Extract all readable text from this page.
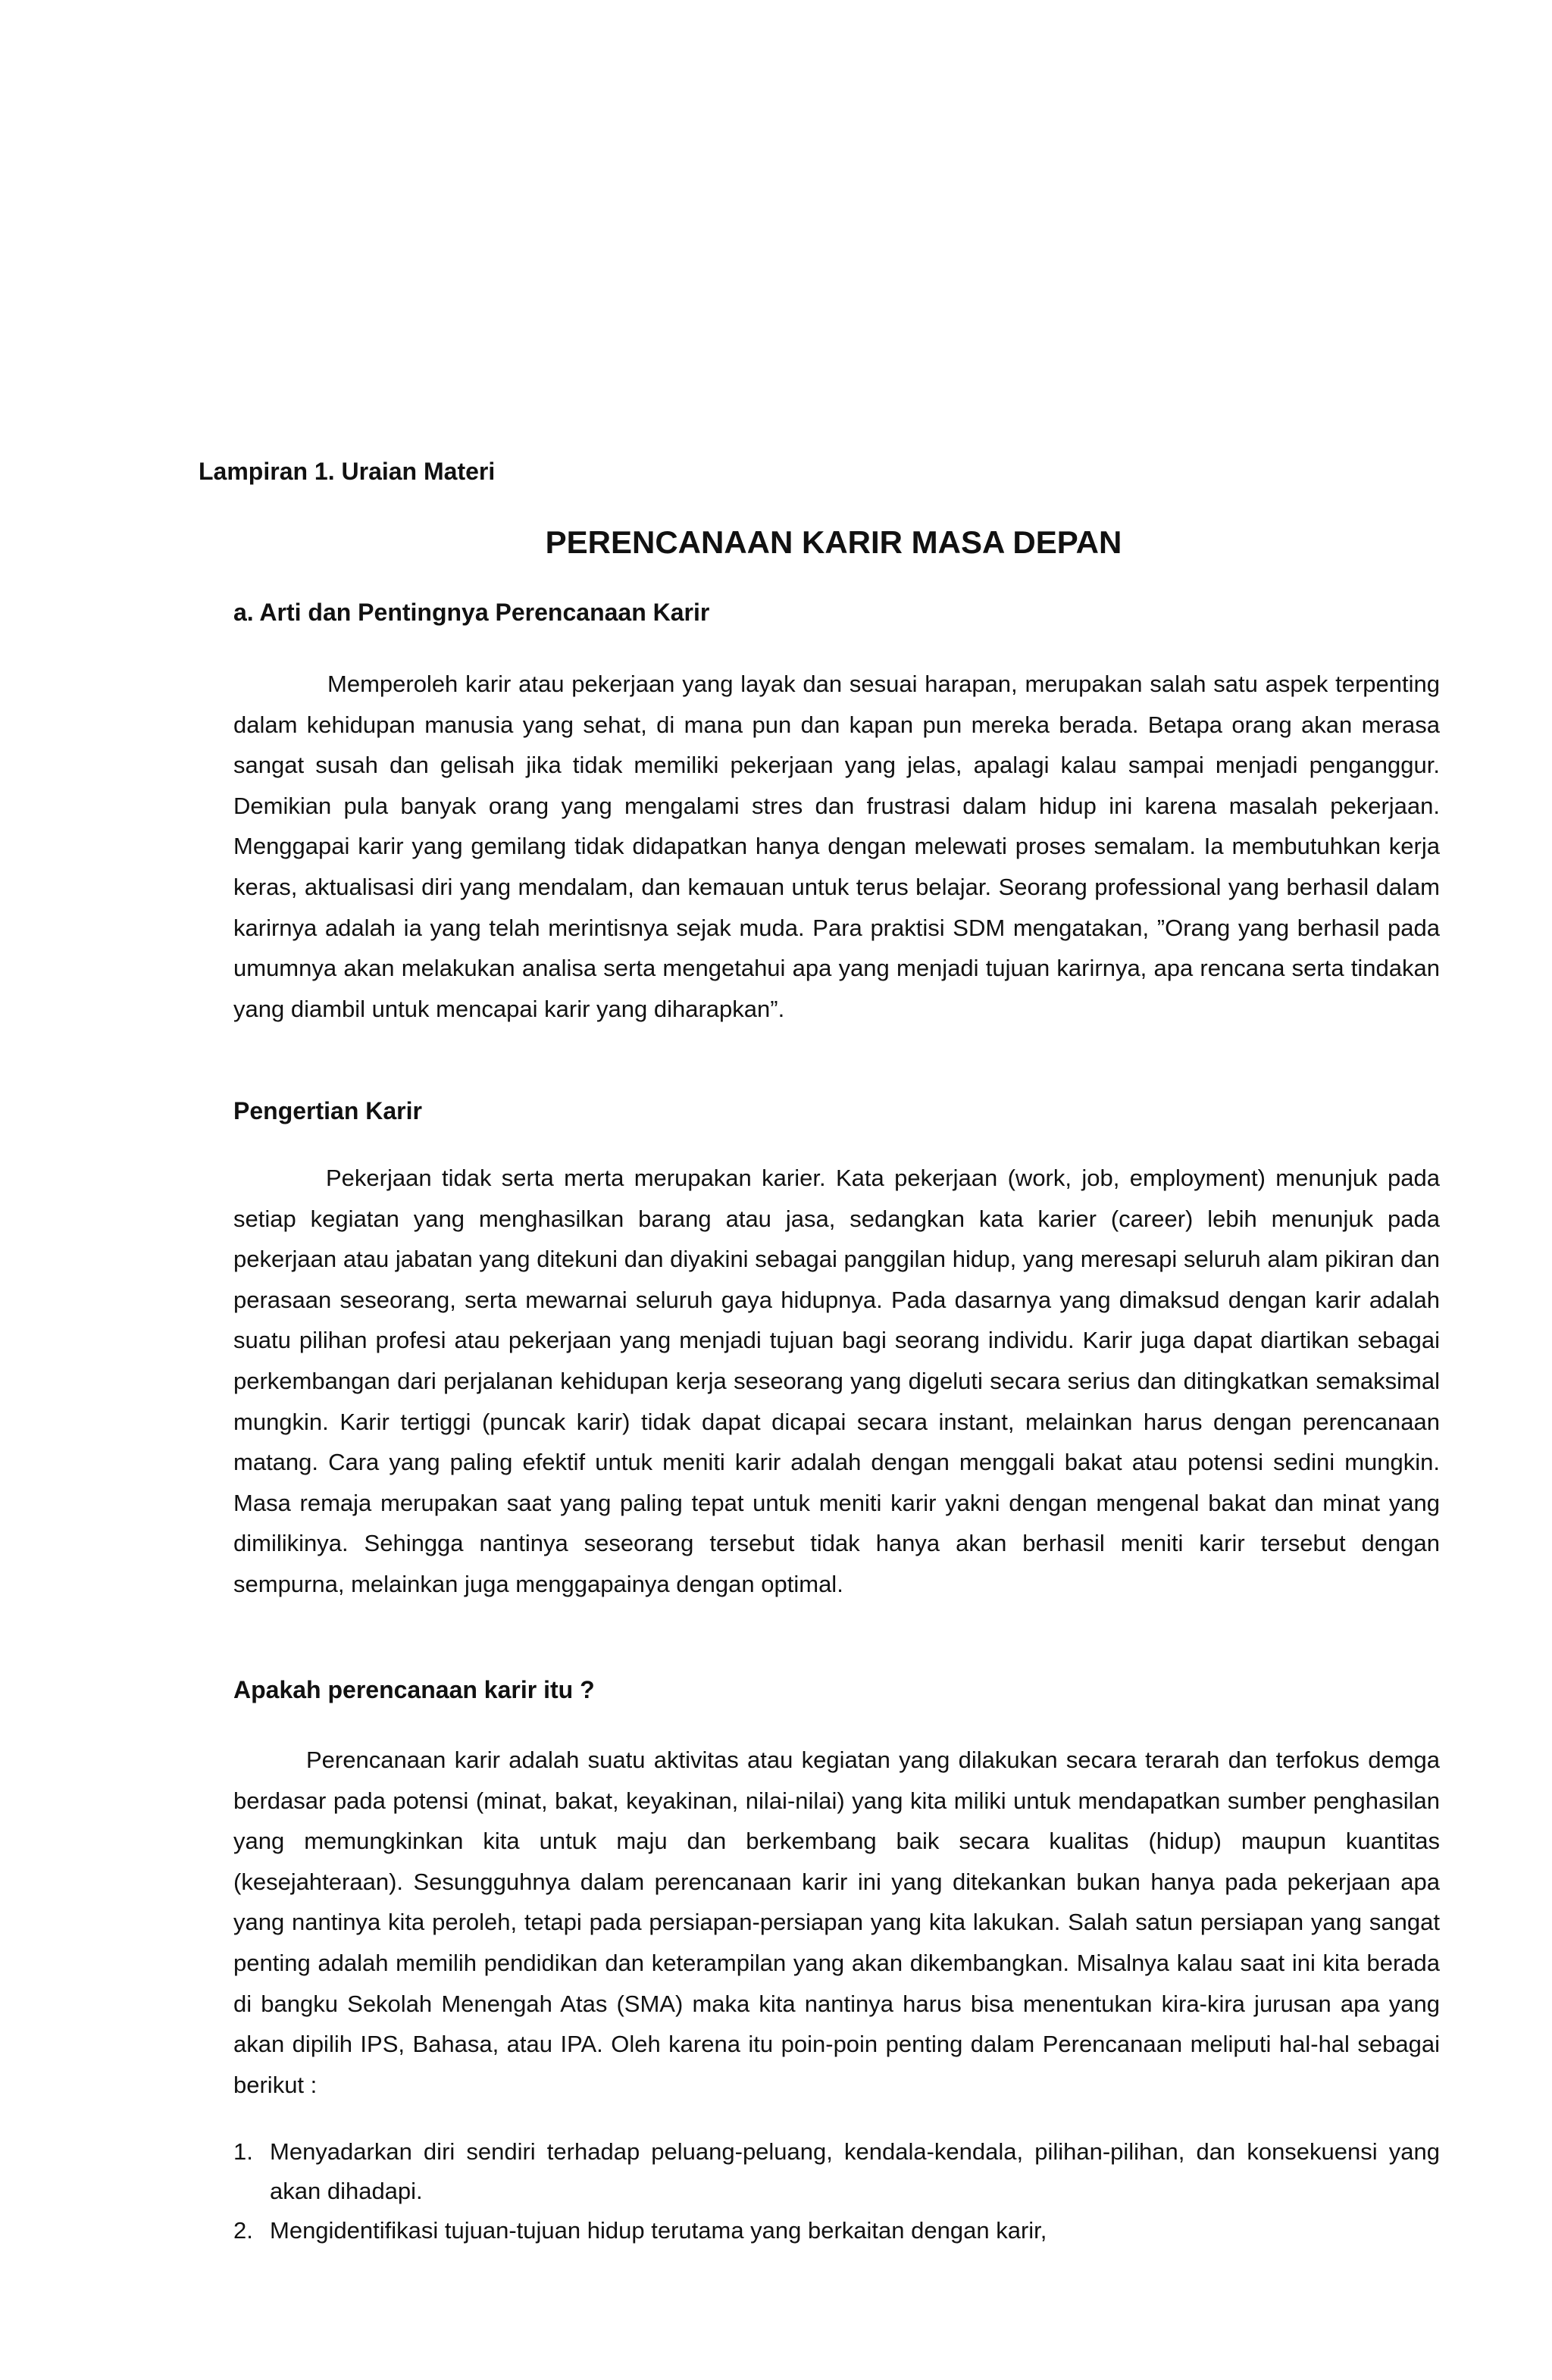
Lampiran 1. Uraian Materi

PERENCANAAN KARIR MASA DEPAN

a. Arti dan Pentingnya Perencanaan Karir

Memperoleh karir atau pekerjaan yang layak dan sesuai harapan, merupakan salah satu aspek terpenting dalam kehidupan manusia yang sehat, di mana pun dan kapan pun mereka berada. Betapa orang akan merasa sangat susah dan gelisah jika tidak memiliki pekerjaan yang jelas, apalagi kalau sampai menjadi penganggur. Demikian pula banyak orang yang mengalami stres dan frustrasi dalam hidup ini karena masalah pekerjaan. Menggapai karir yang gemilang tidak didapatkan hanya dengan melewati proses semalam. Ia membutuhkan kerja keras, aktualisasi diri yang mendalam, dan kemauan untuk terus belajar. Seorang professional yang berhasil dalam karirnya adalah ia yang telah merintisnya sejak muda. Para praktisi SDM mengatakan, ”Orang yang berhasil pada umumnya akan melakukan analisa serta mengetahui apa yang menjadi tujuan karirnya, apa rencana serta tindakan yang diambil untuk mencapai karir yang diharapkan”.

Pengertian Karir

Pekerjaan tidak serta merta merupakan karier. Kata pekerjaan (work, job, employment) menunjuk pada setiap kegiatan yang menghasilkan barang atau jasa, sedangkan kata karier (career) lebih menunjuk pada pekerjaan atau jabatan yang ditekuni dan diyakini sebagai panggilan hidup, yang meresapi seluruh alam pikiran dan perasaan seseorang, serta mewarnai seluruh gaya hidupnya. Pada dasarnya yang dimaksud dengan karir adalah suatu pilihan profesi atau pekerjaan yang menjadi tujuan bagi seorang individu. Karir juga dapat diartikan sebagai perkembangan dari perjalanan kehidupan kerja seseorang yang digeluti secara serius dan ditingkatkan semaksimal mungkin. Karir tertiggi (puncak karir) tidak dapat dicapai secara instant, melainkan harus dengan perencanaan matang. Cara yang paling efektif untuk meniti karir adalah dengan menggali bakat atau potensi sedini mungkin. Masa remaja merupakan saat yang paling tepat untuk meniti karir yakni dengan mengenal bakat dan minat yang dimilikinya. Sehingga nantinya seseorang tersebut tidak hanya akan berhasil meniti karir tersebut dengan sempurna, melainkan juga menggapainya dengan optimal.

Apakah perencanaan karir itu ?

Perencanaan karir adalah suatu aktivitas atau kegiatan yang dilakukan secara terarah dan terfokus demga berdasar pada potensi (minat, bakat, keyakinan, nilai-nilai) yang kita miliki untuk mendapatkan sumber penghasilan yang memungkinkan kita untuk maju dan berkembang baik secara kualitas (hidup) maupun kuantitas (kesejahteraan). Sesungguhnya dalam perencanaan karir ini yang ditekankan bukan hanya pada pekerjaan apa yang nantinya kita peroleh, tetapi pada persiapan-persiapan yang kita lakukan. Salah satun persiapan yang sangat penting adalah memilih pendidikan dan keterampilan yang akan dikembangkan. Misalnya kalau saat ini kita berada di bangku Sekolah Menengah Atas (SMA) maka kita nantinya harus bisa menentukan kira-kira jurusan apa yang akan dipilih IPS, Bahasa, atau IPA. Oleh karena itu poin-poin penting dalam Perencanaan meliputi hal-hal sebagai berikut :

1. Menyadarkan diri sendiri terhadap peluang-peluang, kendala-kendala, pilihan-pilihan, dan konsekuensi yang akan dihadapi.
2. Mengidentifikasi tujuan-tujuan hidup terutama yang berkaitan dengan karir,
